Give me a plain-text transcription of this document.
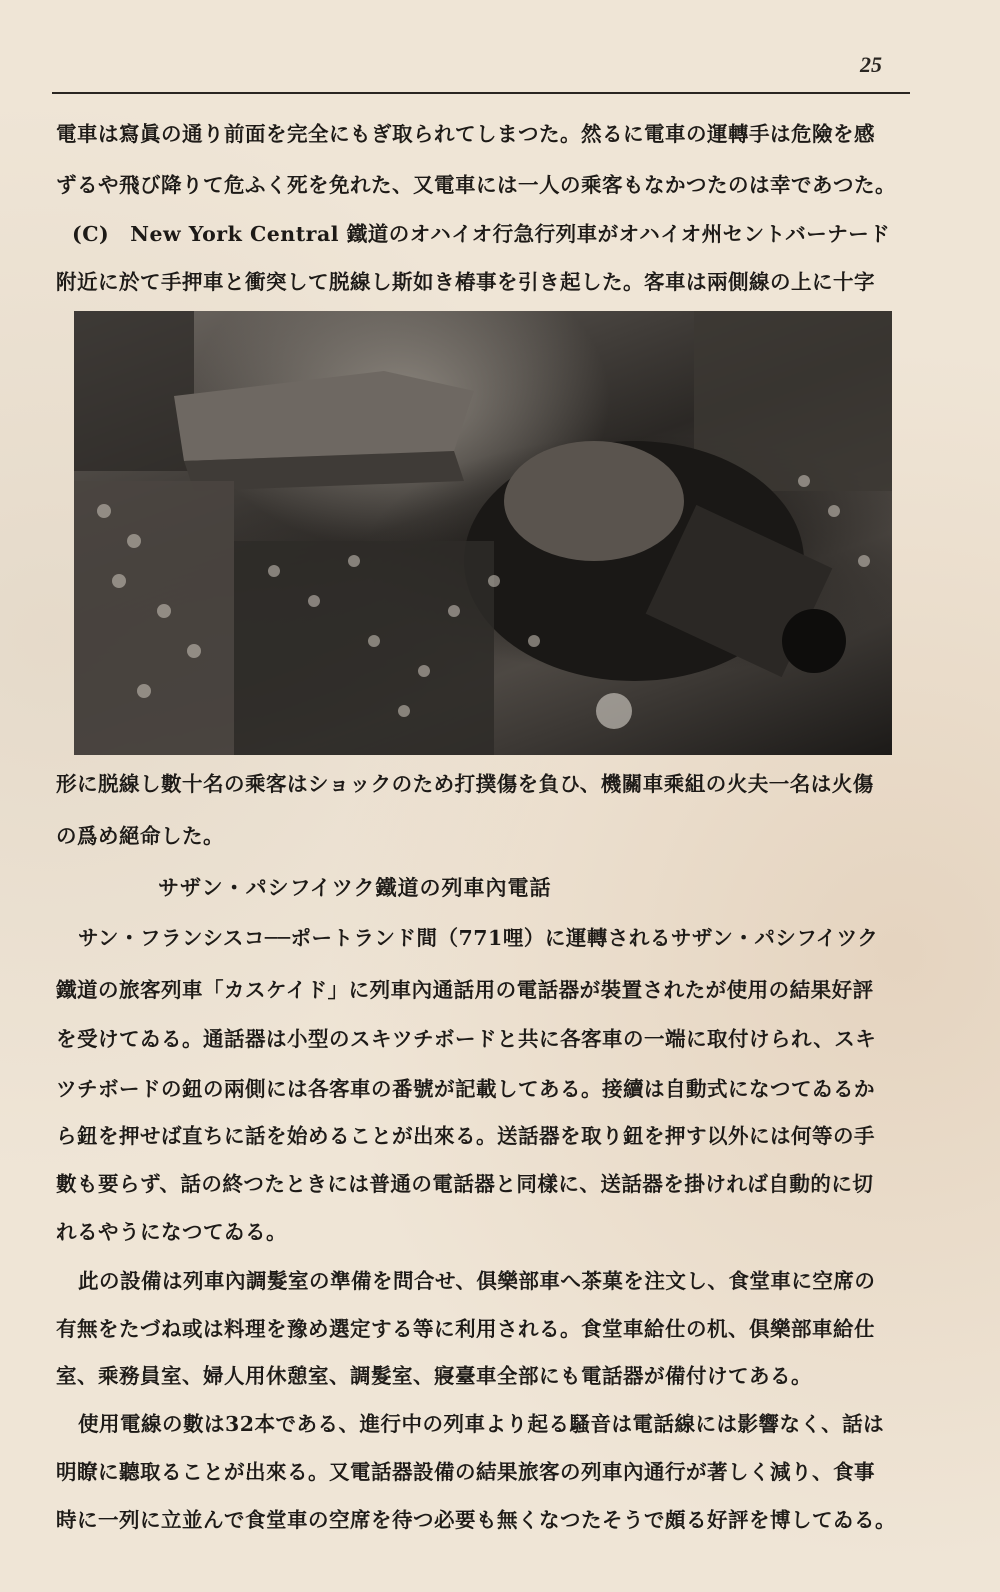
25
電車は寫眞の通り前面を完全にもぎ取られてしまつた。然るに電車の運轉手は危險を感
ずるや飛び降りて危ふく死を免れた、又電車には一人の乘客もなかつたのは幸であつた。
(C)　New York Central 鐵道のオハイオ行急行列車がオハイオ州セントバーナード
附近に於て手押車と衝突して脱線し斯如き椿事を引き起した。客車は兩側線の上に十字
形に脱線し數十名の乘客はショックのため打撲傷を負ひ、機關車乘組の火夫一名は火傷
の爲め絕命した。
サザン・パシフイツク鐵道の列車內電話
サン・フランシスコ──ポートランド間（771哩）に運轉されるサザン・パシフイツク
鐵道の旅客列車「カスケイド」に列車內通話用の電話器が裝置されたが使用の結果好評
を受けてゐる。通話器は小型のスキツチボードと共に各客車の一端に取付けられ、スキ
ツチボードの鈕の兩側には各客車の番號が記載してある。接續は自動式になつてゐるか
ら鈕を押せば直ちに話を始めることが出來る。送話器を取り鈕を押す以外には何等の手
數も要らず、話の終つたときには普通の電話器と同樣に、送話器を掛ければ自動的に切
れるやうになつてゐる。
此の設備は列車內調髮室の準備を問合せ、俱樂部車へ茶菓を注文し、食堂車に空席の
有無をたづね或は料理を豫め選定する等に利用される。食堂車給仕の机、俱樂部車給仕
室、乘務員室、婦人用休憩室、調髮室、寢臺車全部にも電話器が備付けてある。
使用電線の數は32本である、進行中の列車より起る騷音は電話線には影響なく、話は
明瞭に聽取ることが出來る。又電話器設備の結果旅客の列車內通行が著しく減り、食事
時に一列に立並んで食堂車の空席を待つ必要も無くなつたそうで頗る好評を博してゐる。
